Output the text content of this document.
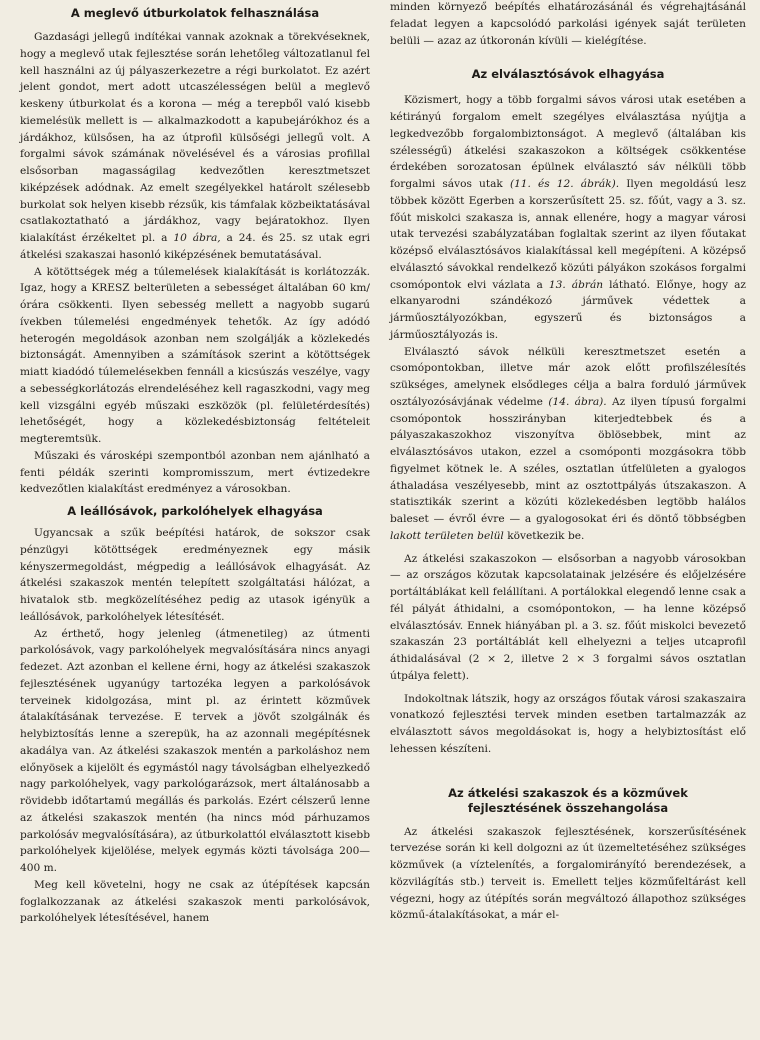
A meglevő útburkolatok felhasználása

Gazdasági jellegű indítékai vannak azoknak a törekvéseknek, hogy a meglevő utak fejlesztése során lehetőleg változatlanul fel kell használni az új pályaszerkezetre a régi burkolatot. Ez azért jelent gondot, mert adott utcaszélességen belül a meglevő keskeny útburkolat és a korona — még a terepből való kisebb kiemelésük mellett is — alkalmazkodott a kapubejárókhoz és a járdákhoz, külsősen, ha az útprofil külsőségi jellegű volt. A forgalmi sávok számának növelésével és a városias profillal elsősorban magasságilag kedvezőtlen keresztmetszet kiképzések adódnak. Az emelt szegélyekkel határolt szélesebb burkolat sok helyen kisebb rézsűk, kis támfalak közbeiktatásával csatlakoztatható a járdákhoz, vagy bejáratokhoz. Ilyen kialakítást érzékeltet pl. a 10 ábra, a 24. és 25. sz utak egri átkelési szakaszai hasonló kiképzésének bemutatásával.

A kötöttségek még a túlemelések kialakítását is korlátozzák. Igaz, hogy a KRESZ belterületen a sebességet általában 60 km/órára csökkenti. Ilyen sebesség mellett a nagyobb sugarú ívekben túlemelési engedmények tehetők. Az így adódó heterogén megoldások azonban nem szolgálják a közlekedés biztonságát. Amennyiben a számítások szerint a kötöttségek miatt kiadódó túlemelésekben fennáll a kicsúszás veszélye, vagy a sebességkorlátozás elrendeléséhez kell ragaszkodni, vagy meg kell vizsgálni egyéb műszaki eszközök (pl. felületérdesítés) lehetőségét, hogy a közlekedésbiztonság feltételeit megteremtsük.

Műszaki és városképi szempontból azonban nem ajánlható a fenti példák szerinti kompromisszum, mert évtizedekre kedvezőtlen kialakítást eredményez a városokban.

A leállósávok, parkolóhelyek elhagyása

Ugyancsak a szűk beépítési határok, de sokszor csak pénzügyi kötöttségek eredményeznek egy másik kényszermegoldást, mégpedig a leállósávok elhagyását. Az átkelési szakaszok mentén telepített szolgáltatási hálózat, a hivatalok stb. megközelítéséhez pedig az utasok igényük a leállósávok, parkolóhelyek létesítését.

Az érthető, hogy jelenleg (átmenetileg) az útmenti parkolósávok, vagy parkolóhelyek megvalósítására nincs anyagi fedezet. Azt azonban el kellene érni, hogy az átkelési szakaszok fejlesztésének ugyanúgy tartozéka legyen a parkolósávok terveinek kidolgozása, mint pl. az érintett közművek átalakításának tervezése. E tervek a jövőt szolgálnák és helybiztosítás lenne a szerepük, ha az azonnali megépítésnek akadálya van. Az átkelési szakaszok mentén a parkoláshoz nem előnyösek a kijelölt és egymástól nagy távolságban elhelyezkedő nagy parkolóhelyek, vagy parkológarázsok, mert általánosabb a rövidebb időtartamú megállás és parkolás. Ezért célszerű lenne az átkelési szakaszok mentén (ha nincs mód párhuzamos parkolósáv megvalósítására), az útburkolattól elválasztott kisebb parkolóhelyek kijelölése, melyek egymás közti távolsága 200—400 m.

Meg kell követelni, hogy ne csak az útépítések kapcsán foglalkozzanak az átkelési szakaszok menti parkolósávok, parkolóhelyek létesítésével, hanem

minden környező beépítés elhatározásánál és végrehajtásánál feladat legyen a kapcsolódó parkolási igények saját területen belüli — azaz az útkoronán kívüli — kielégítése.

Az elválasztósávok elhagyása

Közismert, hogy a több forgalmi sávos városi utak esetében a kétirányú forgalom emelt szegélyes elválasztása nyújtja a legkedvezőbb forgalombiztonságot. A meglevő (általában kis szélességű) átkelési szakaszokon a költségek csökkentése érdekében sorozatosan épülnek elválasztó sáv nélküli több forgalmi sávos utak (11. és 12. ábrák). Ilyen megoldású lesz többek között Egerben a korszerűsített 25. sz. főút, vagy a 3. sz. főút miskolci szakasza is, annak ellenére, hogy a magyar városi utak tervezési szabályzatában foglaltak szerint az ilyen főutakat középső elválasztósávos kialakítással kell megépíteni. A középső elválasztó sávokkal rendelkező közúti pályákon szokásos forgalmi csomópontok elvi vázlata a 13. ábrán látható. Előnye, hogy az elkanyarodni szándékozó járművek védettek a járműosztályozókban, egyszerű és biztonságos a járműosztályozás is.

Elválasztó sávok nélküli keresztmetszet esetén a csomópontokban, illetve már azok előtt profilszélesítés szükséges, amelynek elsődleges célja a balra forduló járművek osztályozósávjának védelme (14. ábra). Az ilyen típusú forgalmi csomópontok hosszirányban kiterjedtebbek és a pályaszakaszokhoz viszonyítva öblösebbek, mint az elválasztósávos utakon, ezzel a csomóponti mozgásokra több figyelmet kötnek le. A széles, osztatlan útfelületen a gyalogos áthaladása veszélyesebb, mint az osztottpályás útszakaszon. A statisztikák szerint a közúti közlekedésben legtöbb halálos baleset — évről évre — a gyalogosokat éri és döntő többségben lakott területen belül következik be.

Az átkelési szakaszokon — elsősorban a nagyobb városokban — az országos közutak kapcsolatainak jelzésére és előjelzésére portáltáblákat kell felállítani. A portálokkal elegendő lenne csak a fél pályát áthidalni, a csomópontokon, — ha lenne középső elválasztósáv. Ennek hiányában pl. a 3. sz. főút miskolci bevezető szakaszán 23 portáltáblát kell elhelyezni a teljes utcaprofil áthidalásával (2 × 2, illetve 2 × 3 forgalmi sávos osztatlan útpálya felett).

Indokoltnak látszik, hogy az országos főutak városi szakaszaira vonatkozó fejlesztési tervek minden esetben tartalmazzák az elválasztott sávos megoldásokat is, hogy a helybiztosítást elő lehessen készíteni.

Az átkelési szakaszok és a közművek
fejlesztésének összehangolása

Az átkelési szakaszok fejlesztésének, korszerűsítésének tervezése során ki kell dolgozni az út üzemeltetéséhez szükséges közművek (a víztelenítés, a forgalomirányító berendezések, a közvilágítás stb.) terveit is. Emellett teljes közműfeltárást kell végezni, hogy az útépítés során megváltozó állapothoz szükséges közmű-átalakításokat, a már el-
